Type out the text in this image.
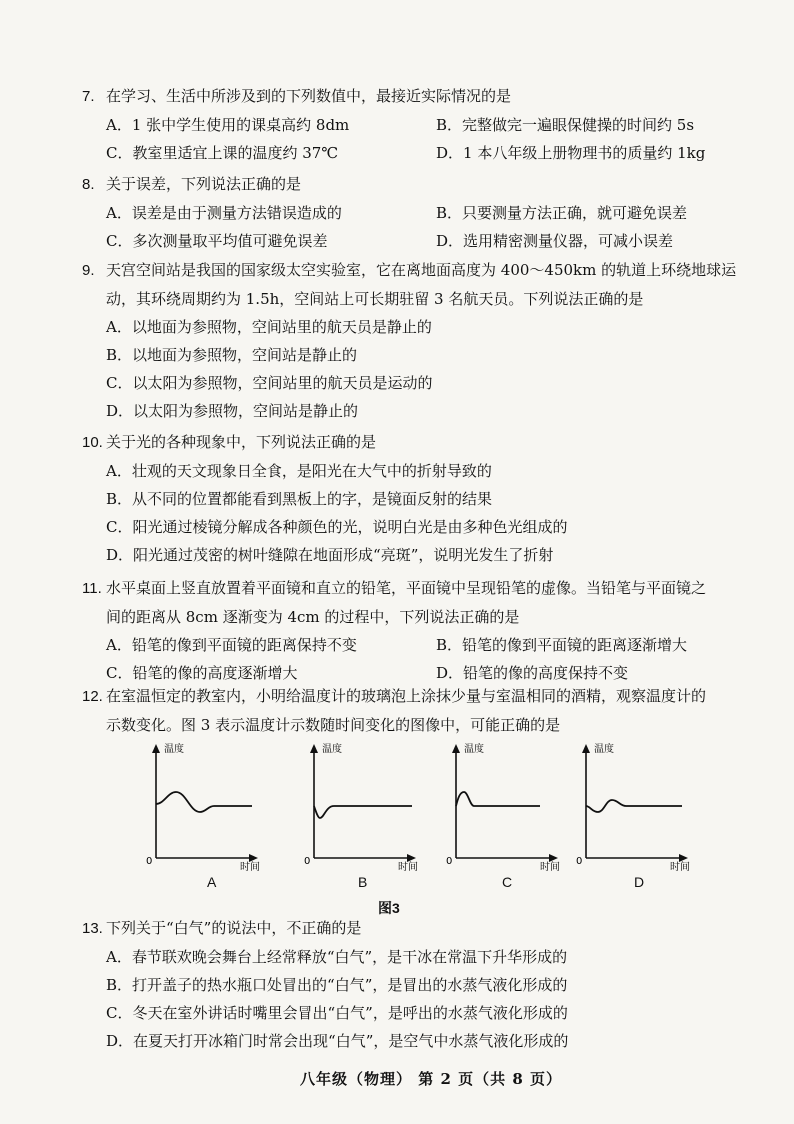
7. 在学习、生活中所涉及到的下列数值中，最接近实际情况的是
A．1 张中学生使用的课桌高约 8dm	B．完整做完一遍眼保健操的时间约 5s
C．教室里适宜上课的温度约 37℃	D．1 本八年级上册物理书的质量约 1kg
8. 关于误差，下列说法正确的是
A．误差是由于测量方法错误造成的	B．只要测量方法正确，就可避免误差
C．多次测量取平均值可避免误差	D．选用精密测量仪器，可减小误差
9. 天宫空间站是我国的国家级太空实验室，它在离地面高度为 400～450km 的轨道上环绕地球运
动，其环绕周期约为 1.5h，空间站上可长期驻留 3 名航天员。下列说法正确的是
A．以地面为参照物，空间站里的航天员是静止的
B．以地面为参照物，空间站是静止的
C．以太阳为参照物，空间站里的航天员是运动的
D．以太阳为参照物，空间站是静止的
10. 关于光的各种现象中，下列说法正确的是
A．壮观的天文现象日全食，是阳光在大气中的折射导致的
B．从不同的位置都能看到黑板上的字，是镜面反射的结果
C．阳光通过棱镜分解成各种颜色的光，说明白光是由多种色光组成的
D．阳光通过茂密的树叶缝隙在地面形成“亮斑”，说明光发生了折射
11. 水平桌面上竖直放置着平面镜和直立的铅笔，平面镜中呈现铅笔的虚像。当铅笔与平面镜之
间的距离从 8cm 逐渐变为 4cm 的过程中，下列说法正确的是
A．铅笔的像到平面镜的距离保持不变	B．铅笔的像到平面镜的距离逐渐增大
C．铅笔的像的高度逐渐增大	D．铅笔的像的高度保持不变
12. 在室温恒定的教室内，小明给温度计的玻璃泡上涂抹少量与室温相同的酒精，观察温度计的
示数变化。图 3 表示温度计示数随时间变化的图像中，可能正确的是
温度
时间
0
A
温度
时间
0
B
温度
时间
0
C
温度
时间
0
D
图3
13. 下列关于“白气”的说法中，不正确的是
A．春节联欢晚会舞台上经常释放“白气”，是干冰在常温下升华形成的
B．打开盖子的热水瓶口处冒出的“白气”，是冒出的水蒸气液化形成的
C．冬天在室外讲话时嘴里会冒出“白气”，是呼出的水蒸气液化形成的
D．在夏天打开冰箱门时常会出现“白气”，是空气中水蒸气液化形成的
八年级（物理） 第 2 页（共 8 页）
